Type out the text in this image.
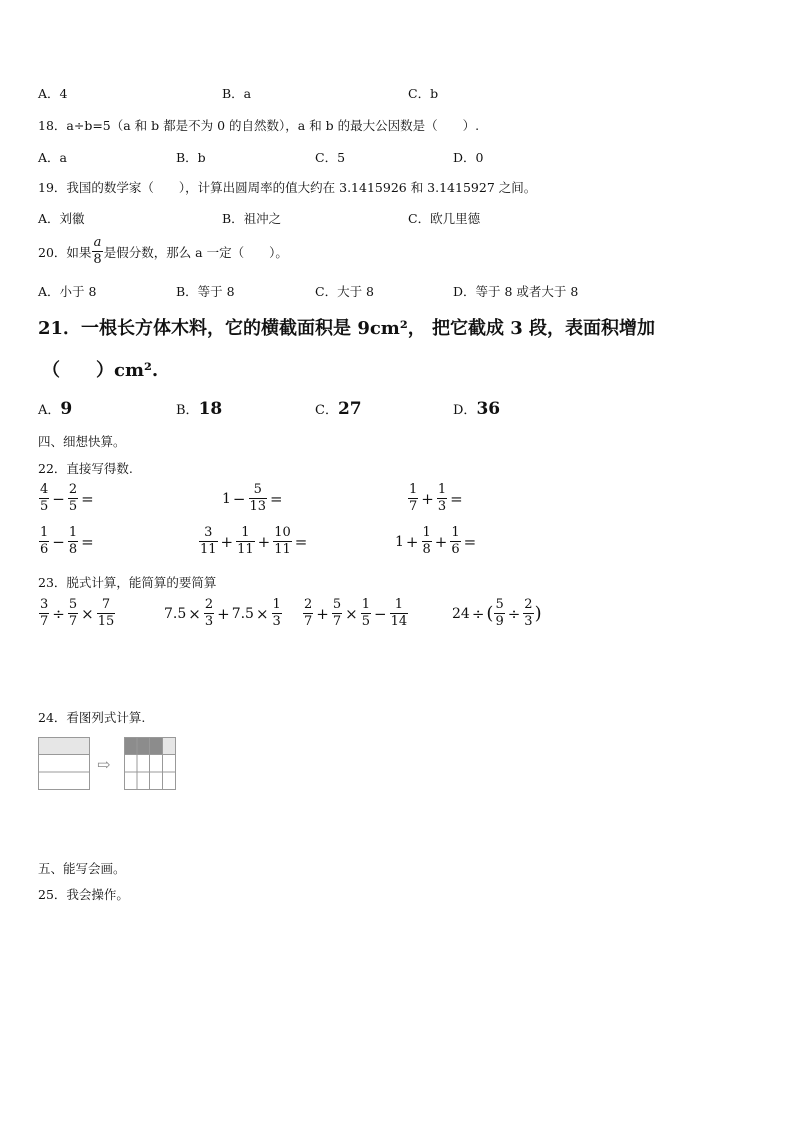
A．4	B．a	C．b
18．a÷b=5（a 和 b 都是不为 0 的自然数），a 和 b 的最大公因数是（　　）.
A．a	B．b	C．5	D．0
19．我国的数学家（　　），计算出圆周率的值大约在 3.1415926 和 3.1415927 之间。
A．刘徽	B．祖冲之	C．欧几里德
20．如果 $\frac{a}{8}$ 是假分数，那么 a 一定（　　）。
A．小于 8	B．等于 8	C．大于 8	D．等于 8 或者大于 8
21．一根长方体木料，它的横截面积是 9cm²， 把它截成 3 段，表面积增加
（　　）cm².
A．9	B．18	C．27	D．36
四、细想快算。
22．直接写得数.
$\frac{4}{5} - \frac{2}{5}$ =	$1 - \frac{5}{13}$ =	$\frac{1}{7} + \frac{1}{3}$ =
$\frac{1}{6} - \frac{1}{8}$ =	$\frac{3}{11} + \frac{1}{11} + \frac{10}{11}$ =	$1 + \frac{1}{8} + \frac{1}{6}$ =
23．脱式计算，能简算的要简算
$\frac{3}{7} \div \frac{5}{7} \times \frac{7}{15}$	$7.5 \times \frac{2}{3} + 7.5 \times \frac{1}{3} \frac{2}{7} + \frac{5}{7} \times \frac{1}{5} - \frac{1}{14}$	24 ÷ ( $\frac{5}{9} \div \frac{2}{3}$ )
24．看图列式计算.
⇨
五、能写会画。
25．我会操作。
